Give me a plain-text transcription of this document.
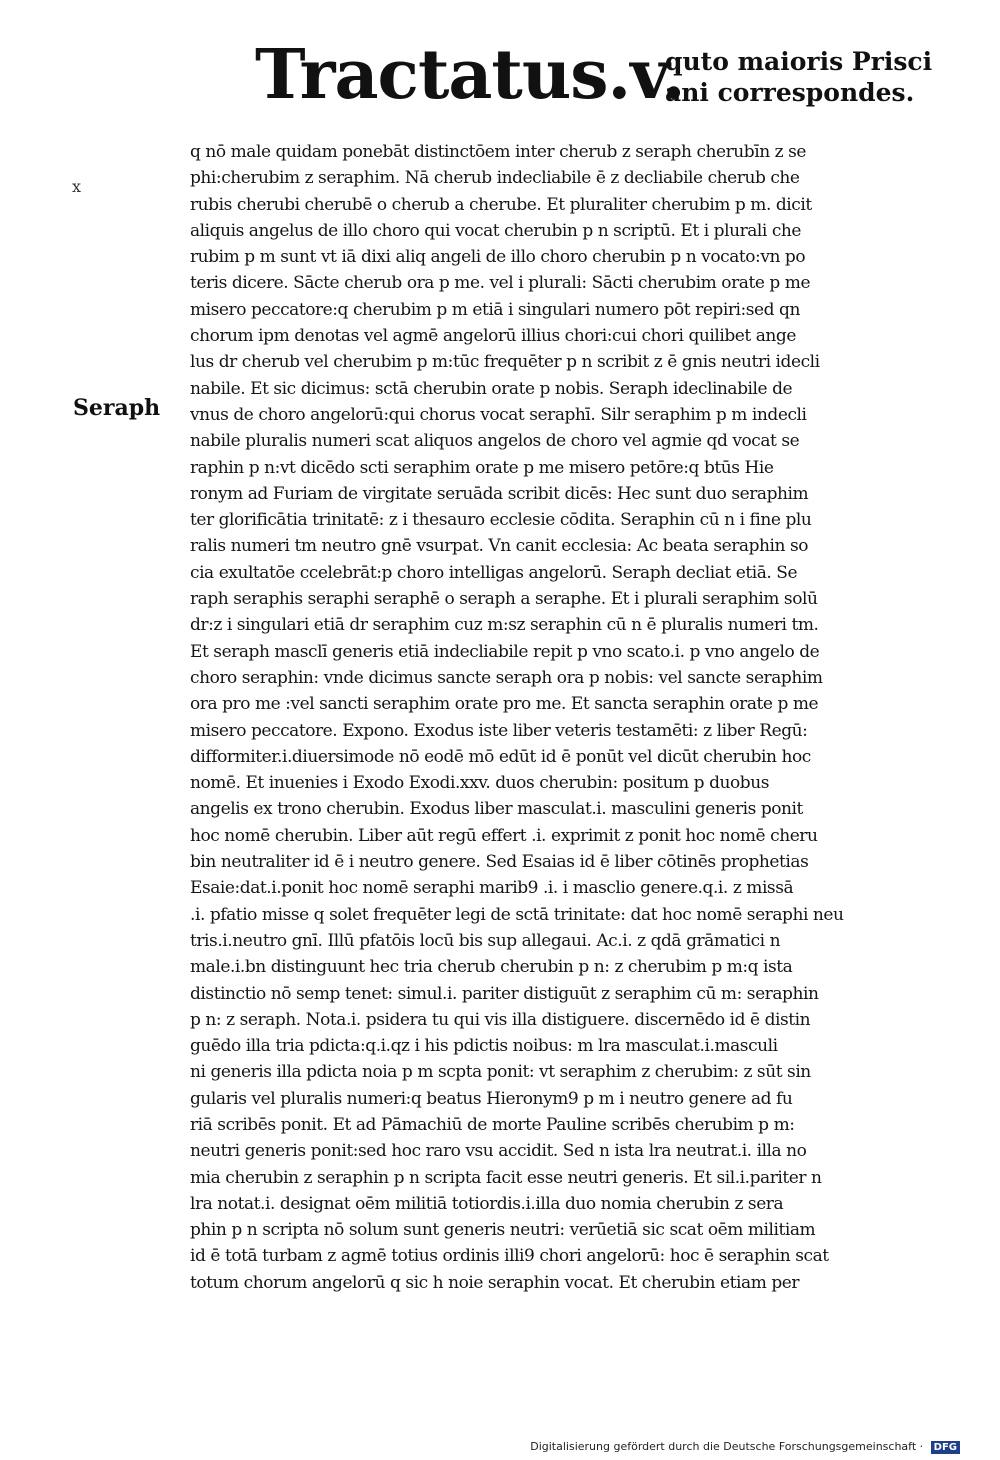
Tractatus.v.
quto maioris Prisci
ani correspondes.
x
Seraph
q nō male quidam ponebāt distinctōem inter cherub z seraph cherubīn z se
phi:cherubim z seraphim. Nā cherub indecliabile ē z decliabile cherub che
rubis cherubi cherubē o cherub a cherube. Et pluraliter cherubim p m. dicit
aliquis angelus de illo choro qui vocat cherubin p n scriptū. Et i plurali che
rubim p m sunt vt iā dixi aliq angeli de illo choro cherubin p n vocato:vn po
teris dicere. Sācte cherub ora p me. vel i plurali: Sācti cherubim orate p me
misero peccatore:q cherubim p m etiā i singulari numero pōt repiri:sed qn
chorum ipm denotas vel agmē angelorū illius chori:cui chori quilibet ange
lus dr cherub vel cherubim p m:tūc frequēter p n scribit z ē gnis neutri idecli
nabile. Et sic dicimus: sctā cherubin orate p nobis. Seraph ideclinabile de
vnus de choro angelorū:qui chorus vocat seraphī. Silr seraphim p m indecli
nabile pluralis numeri scat aliquos angelos de choro vel agmie qd vocat se
raphin p n:vt dicēdo scti seraphim orate p me misero petōre:q btūs Hie
ronym ad Furiam de virgitate seruāda scribit dicēs: Hec sunt duo seraphim
ter glorificātia trinitatē: z i thesauro ecclesie cōdita. Seraphin cū n i fine plu
ralis numeri tm neutro gnē vsurpat. Vn canit ecclesia: Ac beata seraphin so
cia exultatōe ccelebrāt:p choro intelligas angelorū. Seraph decliat etiā. Se
raph seraphis seraphi seraphē o seraph a seraphe. Et i plurali seraphim solū
dr:z i singulari etiā dr seraphim cuz m:sz seraphin cū n ē pluralis numeri tm.
Et seraph masclī generis etiā indecliabile repit p vno scato.i. p vno angelo de
choro seraphin: vnde dicimus sancte seraph ora p nobis: vel sancte seraphim
ora pro me :vel sancti seraphim orate pro me. Et sancta seraphin orate p me
misero peccatore. Expono. Exodus iste liber veteris testamēti: z liber Regū:
difformiter.i.diuersimode nō eodē mō edūt id ē ponūt vel dicūt cherubin hoc
nomē. Et inuenies i Exodo Exodi.xxv. duos cherubin: positum p duobus
angelis ex trono cherubin. Exodus liber masculat.i. masculini generis ponit
hoc nomē cherubin. Liber aūt regū effert .i. exprimit z ponit hoc nomē cheru
bin neutraliter id ē i neutro genere. Sed Esaias id ē liber cōtinēs prophetias
Esaie:dat.i.ponit hoc nomē seraphi marib9 .i. i masclio genere.q.i. z missā
.i. pfatio misse q solet frequēter legi de sctā trinitate: dat hoc nomē seraphi neu
tris.i.neutro gnī. Illū pfatōis locū bis sup allegaui. Ac.i. z qdā grāmatici n
male.i.bn distinguunt hec tria cherub cherubin p n: z cherubim p m:q ista
distinctio nō semp tenet: simul.i. pariter distiguūt z seraphim cū m: seraphin
p n: z seraph. Nota.i. psidera tu qui vis illa distiguere. discernēdo id ē distin
guēdo illa tria pdicta:q.i.qz i his pdictis noibus: m lra masculat.i.masculi
ni generis illa pdicta noia p m scpta ponit: vt seraphim z cherubim: z sūt sin
gularis vel pluralis numeri:q beatus Hieronym9 p m i neutro genere ad fu
riā scribēs ponit. Et ad Pāmachiū de morte Pauline scribēs cherubim p m:
neutri generis ponit:sed hoc raro vsu accidit. Sed n ista lra neutrat.i. illa no
mia cherubin z seraphin p n scripta facit esse neutri generis. Et sil.i.pariter n
lra notat.i. designat oēm militiā totiordis.i.illa duo nomia cherubin z sera
phin p n scripta nō solum sunt generis neutri: verūetiā sic scat oēm militiam
id ē totā turbam z agmē totius ordinis illi9 chori angelorū: hoc ē seraphin scat
totum chorum angelorū q sic h noie seraphin vocat. Et cherubin etiam per
Digitalisierung gefördert durch die Deutsche Forschungsgemeinschaft · DFG
